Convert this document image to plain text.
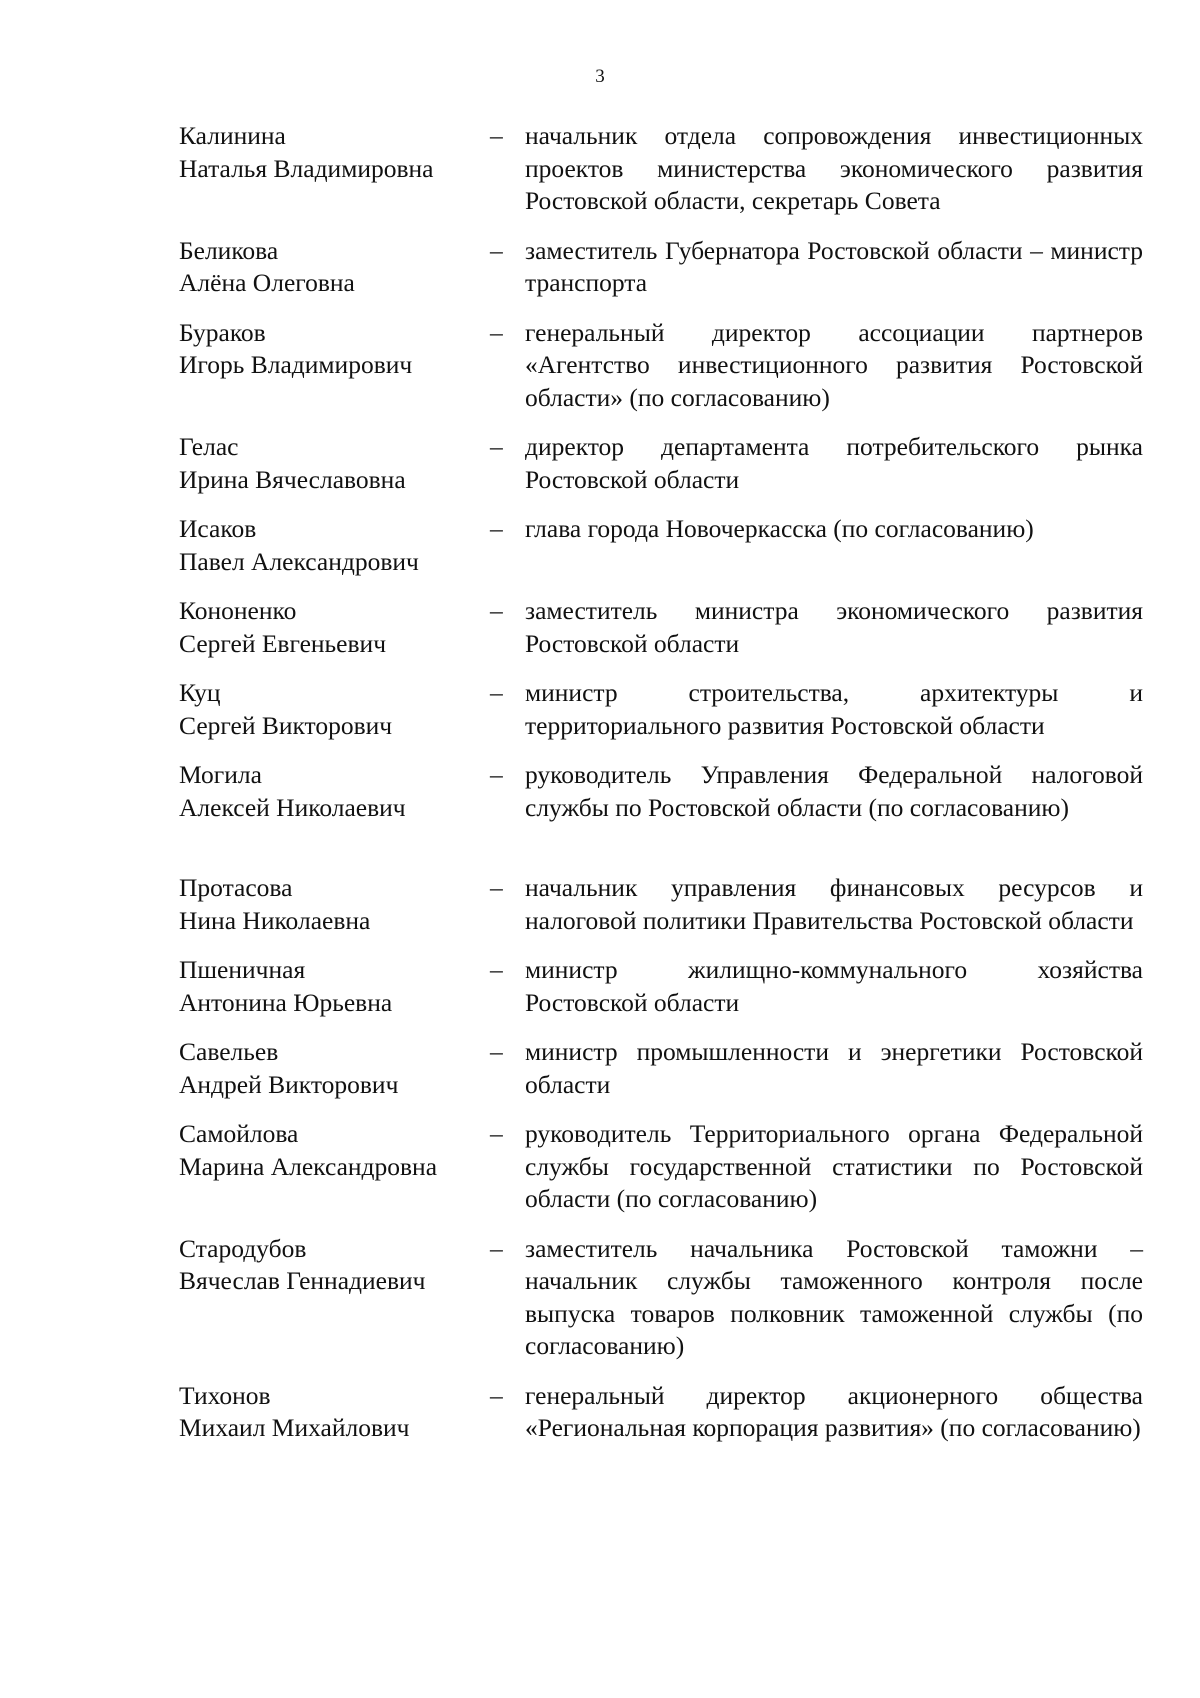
3
Калинина
Наталья Владимировна
– начальник отдела сопровождения инвестиционных проектов министерства экономического развития Ростовской области, секретарь Совета
Беликова
Алёна Олеговна
– заместитель Губернатора Ростовской области – министр транспорта
Бураков
Игорь Владимирович
– генеральный директор ассоциации партнеров «Агентство инвестиционного развития Ростовской области» (по согласованию)
Гелас
Ирина Вячеславовна
– директор департамента потребительского рынка Ростовской области
Исаков
Павел Александрович
– глава города Новочеркасска (по согласованию)
Кононенко
Сергей Евгеньевич
– заместитель министра экономического развития Ростовской области
Куц
Сергей Викторович
– министр строительства, архитектуры и территориального развития Ростовской области
Могила
Алексей Николаевич
– руководитель Управления Федеральной налоговой службы по Ростовской области (по согласованию)
Протасова
Нина Николаевна
– начальник управления финансовых ресурсов и налоговой политики Правительства Ростовской области
Пшеничная
Антонина Юрьевна
– министр жилищно-коммунального хозяйства Ростовской области
Савельев
Андрей Викторович
– министр промышленности и энергетики Ростовской области
Самойлова
Марина Александровна
– руководитель Территориального органа Федеральной службы государственной статистики по Ростовской области (по согласованию)
Стародубов
Вячеслав Геннадиевич
– заместитель начальника Ростовской таможни – начальник службы таможенного контроля после выпуска товаров полковник таможенной службы (по согласованию)
Тихонов
Михаил Михайлович
– генеральный директор акционерного общества «Региональная корпорация развития» (по согласованию)
